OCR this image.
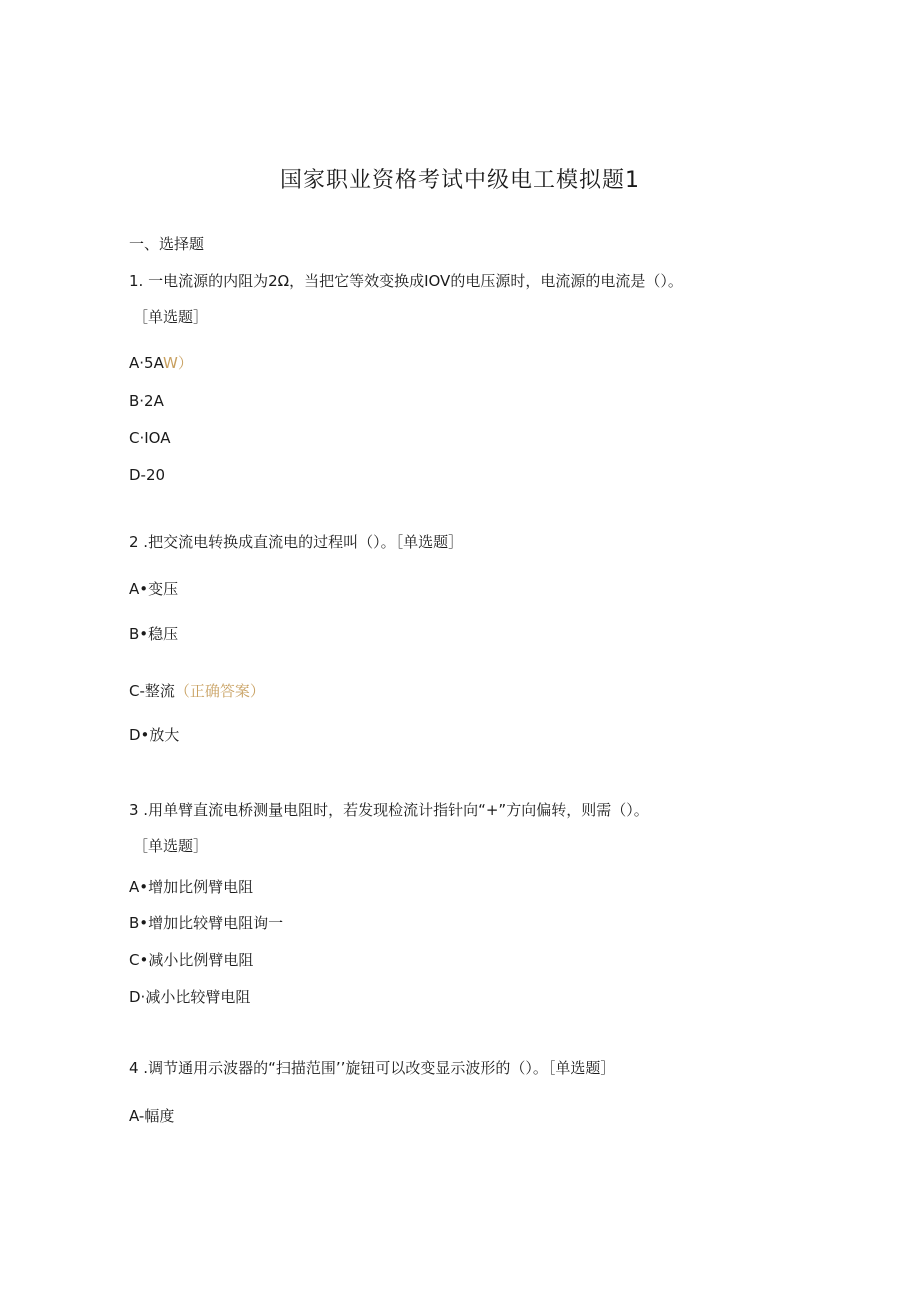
国家职业资格考试中级电工模拟题1
一、选择题
1. 一电流源的内阻为2Ω，当把它等效变换成IOV的电压源时，电流源的电流是（）。
［单选题］
A·5AW）
B·2A
C·IOA
D-20
2 .把交流电转换成直流电的过程叫（）。［单选题］
A•变压
B•稳压
C-整流（正确答案）
D•放大
3 .用单臂直流电桥测量电阻时，若发现检流计指针向“+”方向偏转，则需（）。
［单选题］
A•增加比例臂电阻
B•增加比较臂电阻询一
C•减小比例臂电阻
D·减小比较臂电阻
4 .调节通用示波器的“扫描范围’’旋钮可以改变显示波形的（）。［单选题］
A-幅度
